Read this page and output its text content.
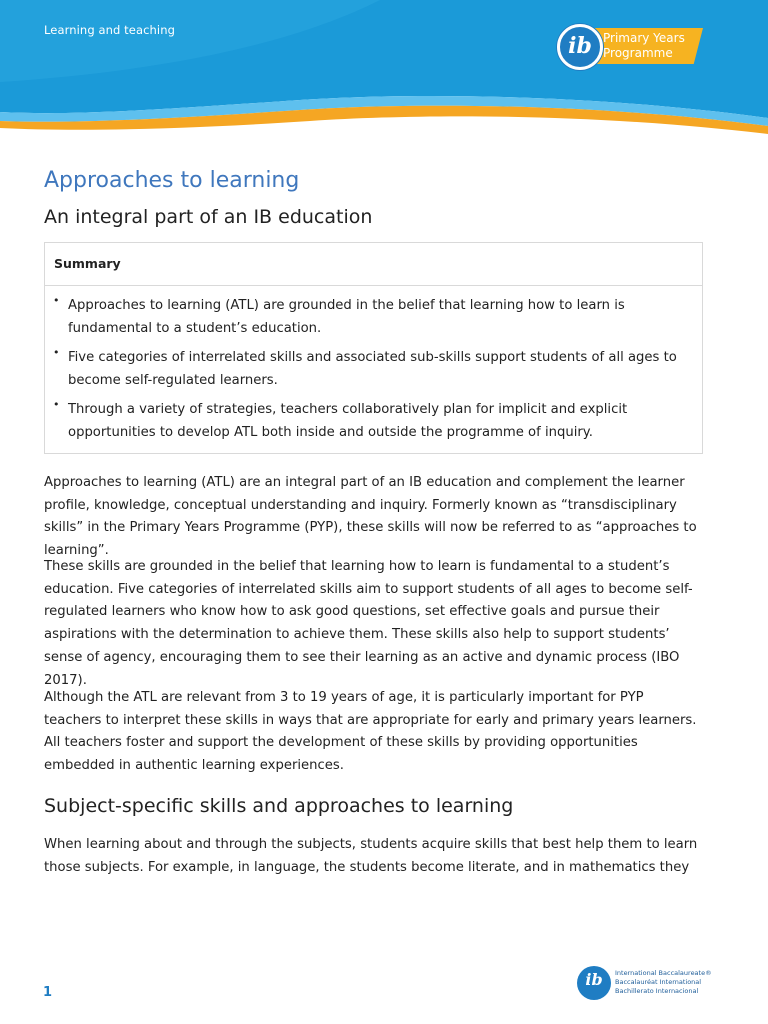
Learning and teaching
Primary Years
Programme
ib
Approaches to learning
An integral part of an IB education
Summary
• Approaches to learning (ATL) are grounded in the belief that learning how to learn is fundamental to a student’s education.
• Five categories of interrelated skills and associated sub-skills support students of all ages to become self-regulated learners.
• Through a variety of strategies, teachers collaboratively plan for implicit and explicit opportunities to develop ATL both inside and outside the programme of inquiry.

Approaches to learning (ATL) are an integral part of an IB education and complement the learner profile, knowledge, conceptual understanding and inquiry. Formerly known as “transdisciplinary skills” in the Primary Years Programme (PYP), these skills will now be referred to as “approaches to learning”.

These skills are grounded in the belief that learning how to learn is fundamental to a student’s education. Five categories of interrelated skills aim to support students of all ages to become self-regulated learners who know how to ask good questions, set effective goals and pursue their aspirations with the determination to achieve them. These skills also help to support students’ sense of agency, encouraging them to see their learning as an active and dynamic process (IBO 2017).

Although the ATL are relevant from 3 to 19 years of age, it is particularly important for PYP teachers to interpret these skills in ways that are appropriate for early and primary years learners. All teachers foster and support the development of these skills by providing opportunities embedded in authentic learning experiences.

Subject-specific skills and approaches to learning

When learning about and through the subjects, students acquire skills that best help them to learn those subjects. For example, in language, the students become literate, and in mathematics they

1
ib	International Baccalaureate®
Baccalauréat International
Bachillerato Internacional
